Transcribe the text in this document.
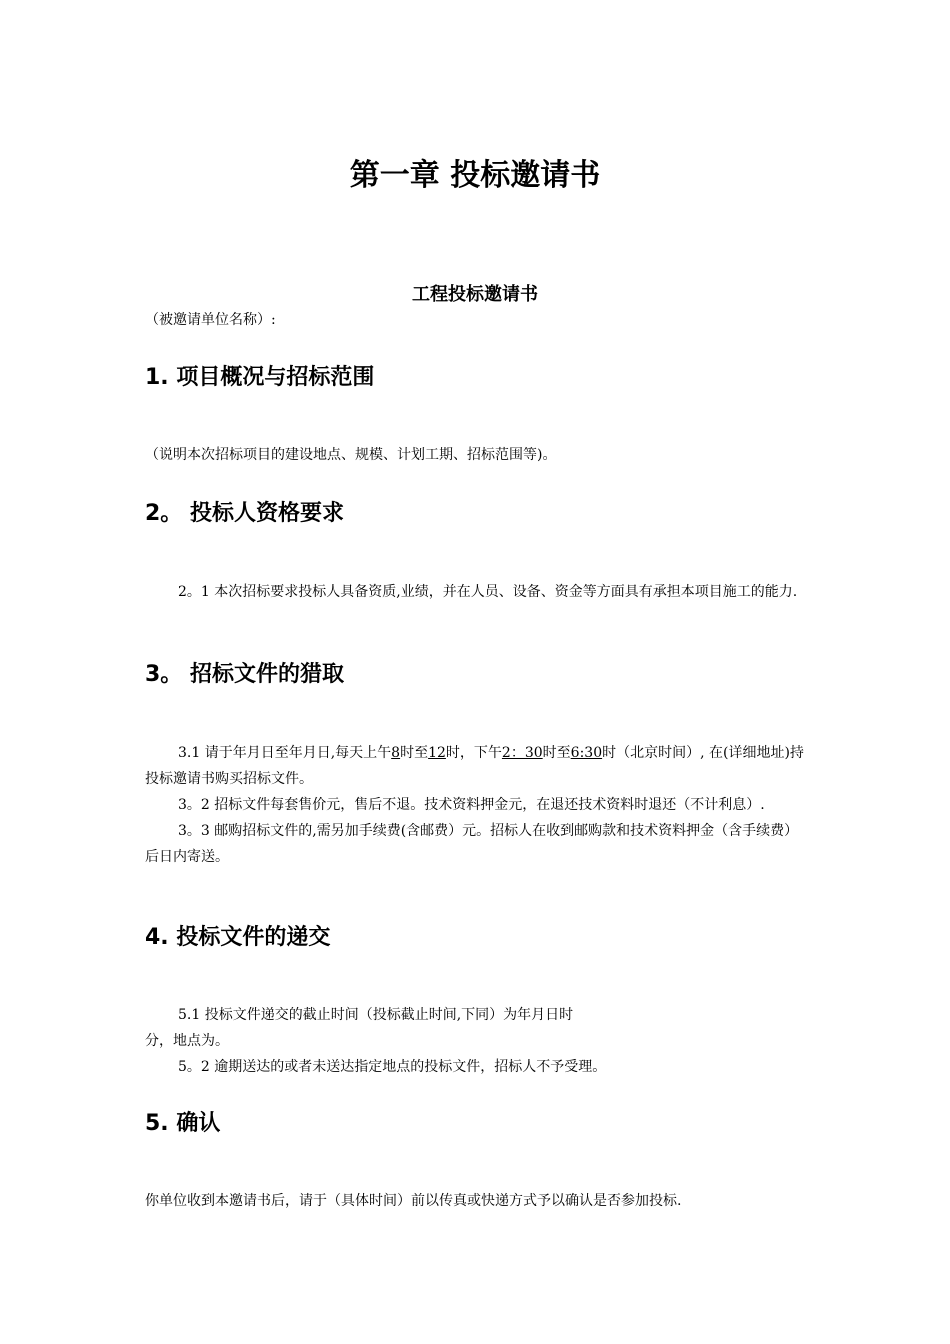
第一章 投标邀请书
工程投标邀请书
（被邀请单位名称）:
1. 项目概况与招标范围

（说明本次招标项目的建设地点、规模、计划工期、招标范围等)。

2。 投标人资格要求

2。1 本次招标要求投标人具备资质,业绩，并在人员、设备、资金等方面具有承担本项目施工的能力.

3。 招标文件的猎取

3.1 请于年月日至年月日,每天上午8时至12时，下午2：30时至6:30时（北京时间）, 在(详细地址)持投标邀请书购买招标文件。

3。2 招标文件每套售价元，售后不退。技术资料押金元，在退还技术资料时退还（不计利息）.

3。3 邮购招标文件的,需另加手续费(含邮费）元。招标人在收到邮购款和技术资料押金（含手续费）后日内寄送。

4. 投标文件的递交

5.1 投标文件递交的截止时间（投标截止时间,下同）为年月日时

分，地点为。

5。2 逾期送达的或者未送达指定地点的投标文件，招标人不予受理。

5. 确认

你单位收到本邀请书后，请于（具体时间）前以传真或快递方式予以确认是否参加投标.
